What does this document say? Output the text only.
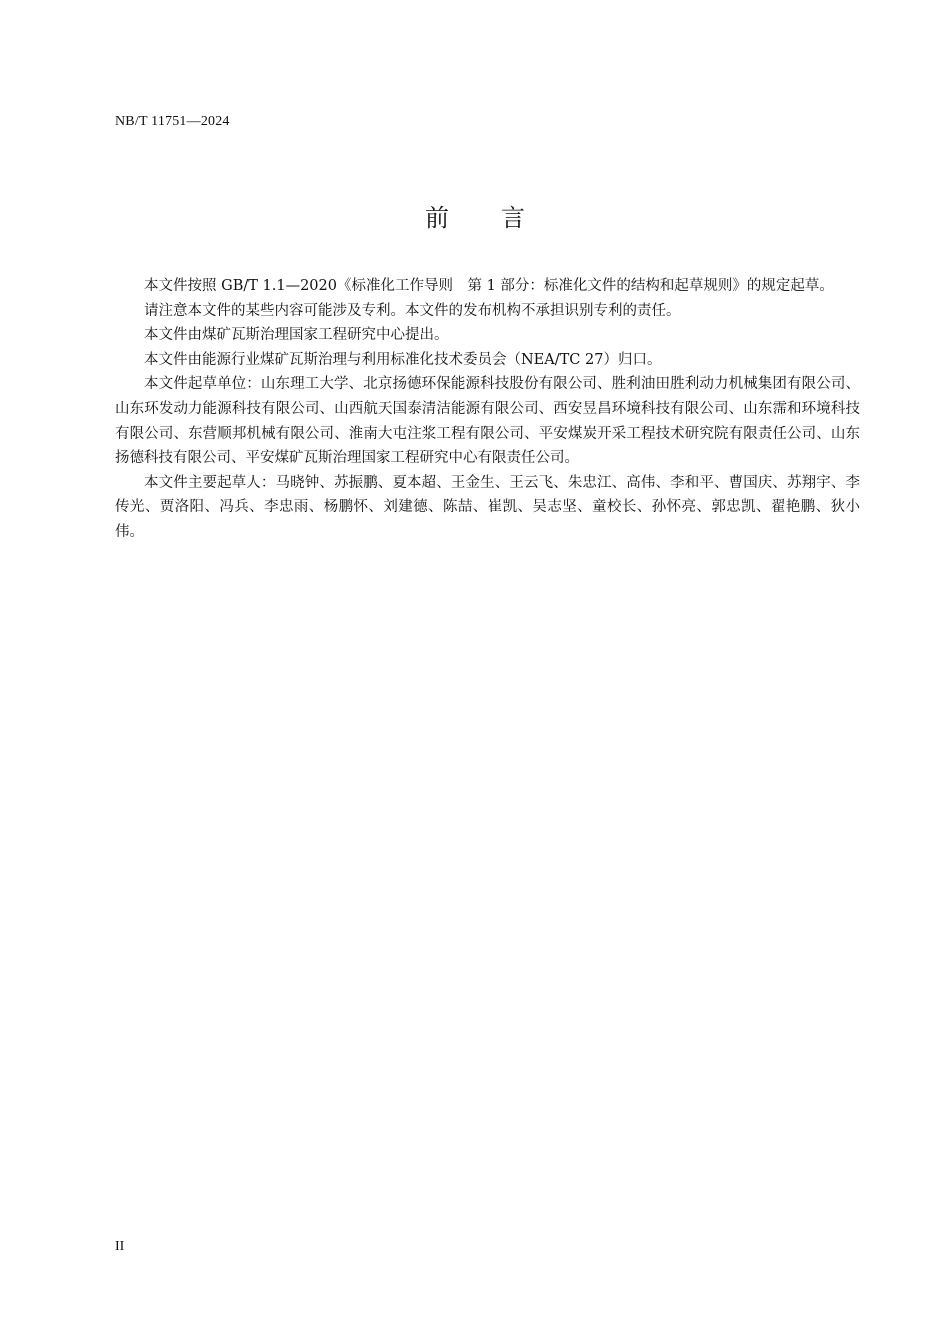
NB/T 11751—2024
前言

本文件按照 GB/T 1.1—2020《标准化工作导则　第 1 部分：标准化文件的结构和起草规则》的规定起草。

请注意本文件的某些内容可能涉及专利。本文件的发布机构不承担识别专利的责任。

本文件由煤矿瓦斯治理国家工程研究中心提出。

本文件由能源行业煤矿瓦斯治理与利用标准化技术委员会（NEA/TC 27）归口。

本文件起草单位：山东理工大学、北京扬德环保能源科技股份有限公司、胜利油田胜利动力机械集团有限公司、山东环发动力能源科技有限公司、山西航天国泰清洁能源有限公司、西安昱昌环境科技有限公司、山东霈和环境科技有限公司、东营顺邦机械有限公司、淮南大屯注浆工程有限公司、平安煤炭开采工程技术研究院有限责任公司、山东扬德科技有限公司、平安煤矿瓦斯治理国家工程研究中心有限责任公司。

本文件主要起草人：马晓钟、苏振鹏、夏本超、王金生、王云飞、朱忠江、高伟、李和平、曹国庆、苏翔宇、李传光、贾洛阳、冯兵、李忠雨、杨鹏怀、刘建德、陈喆、崔凯、吴志坚、童校长、孙怀亮、郭忠凯、翟艳鹏、狄小伟。

II
